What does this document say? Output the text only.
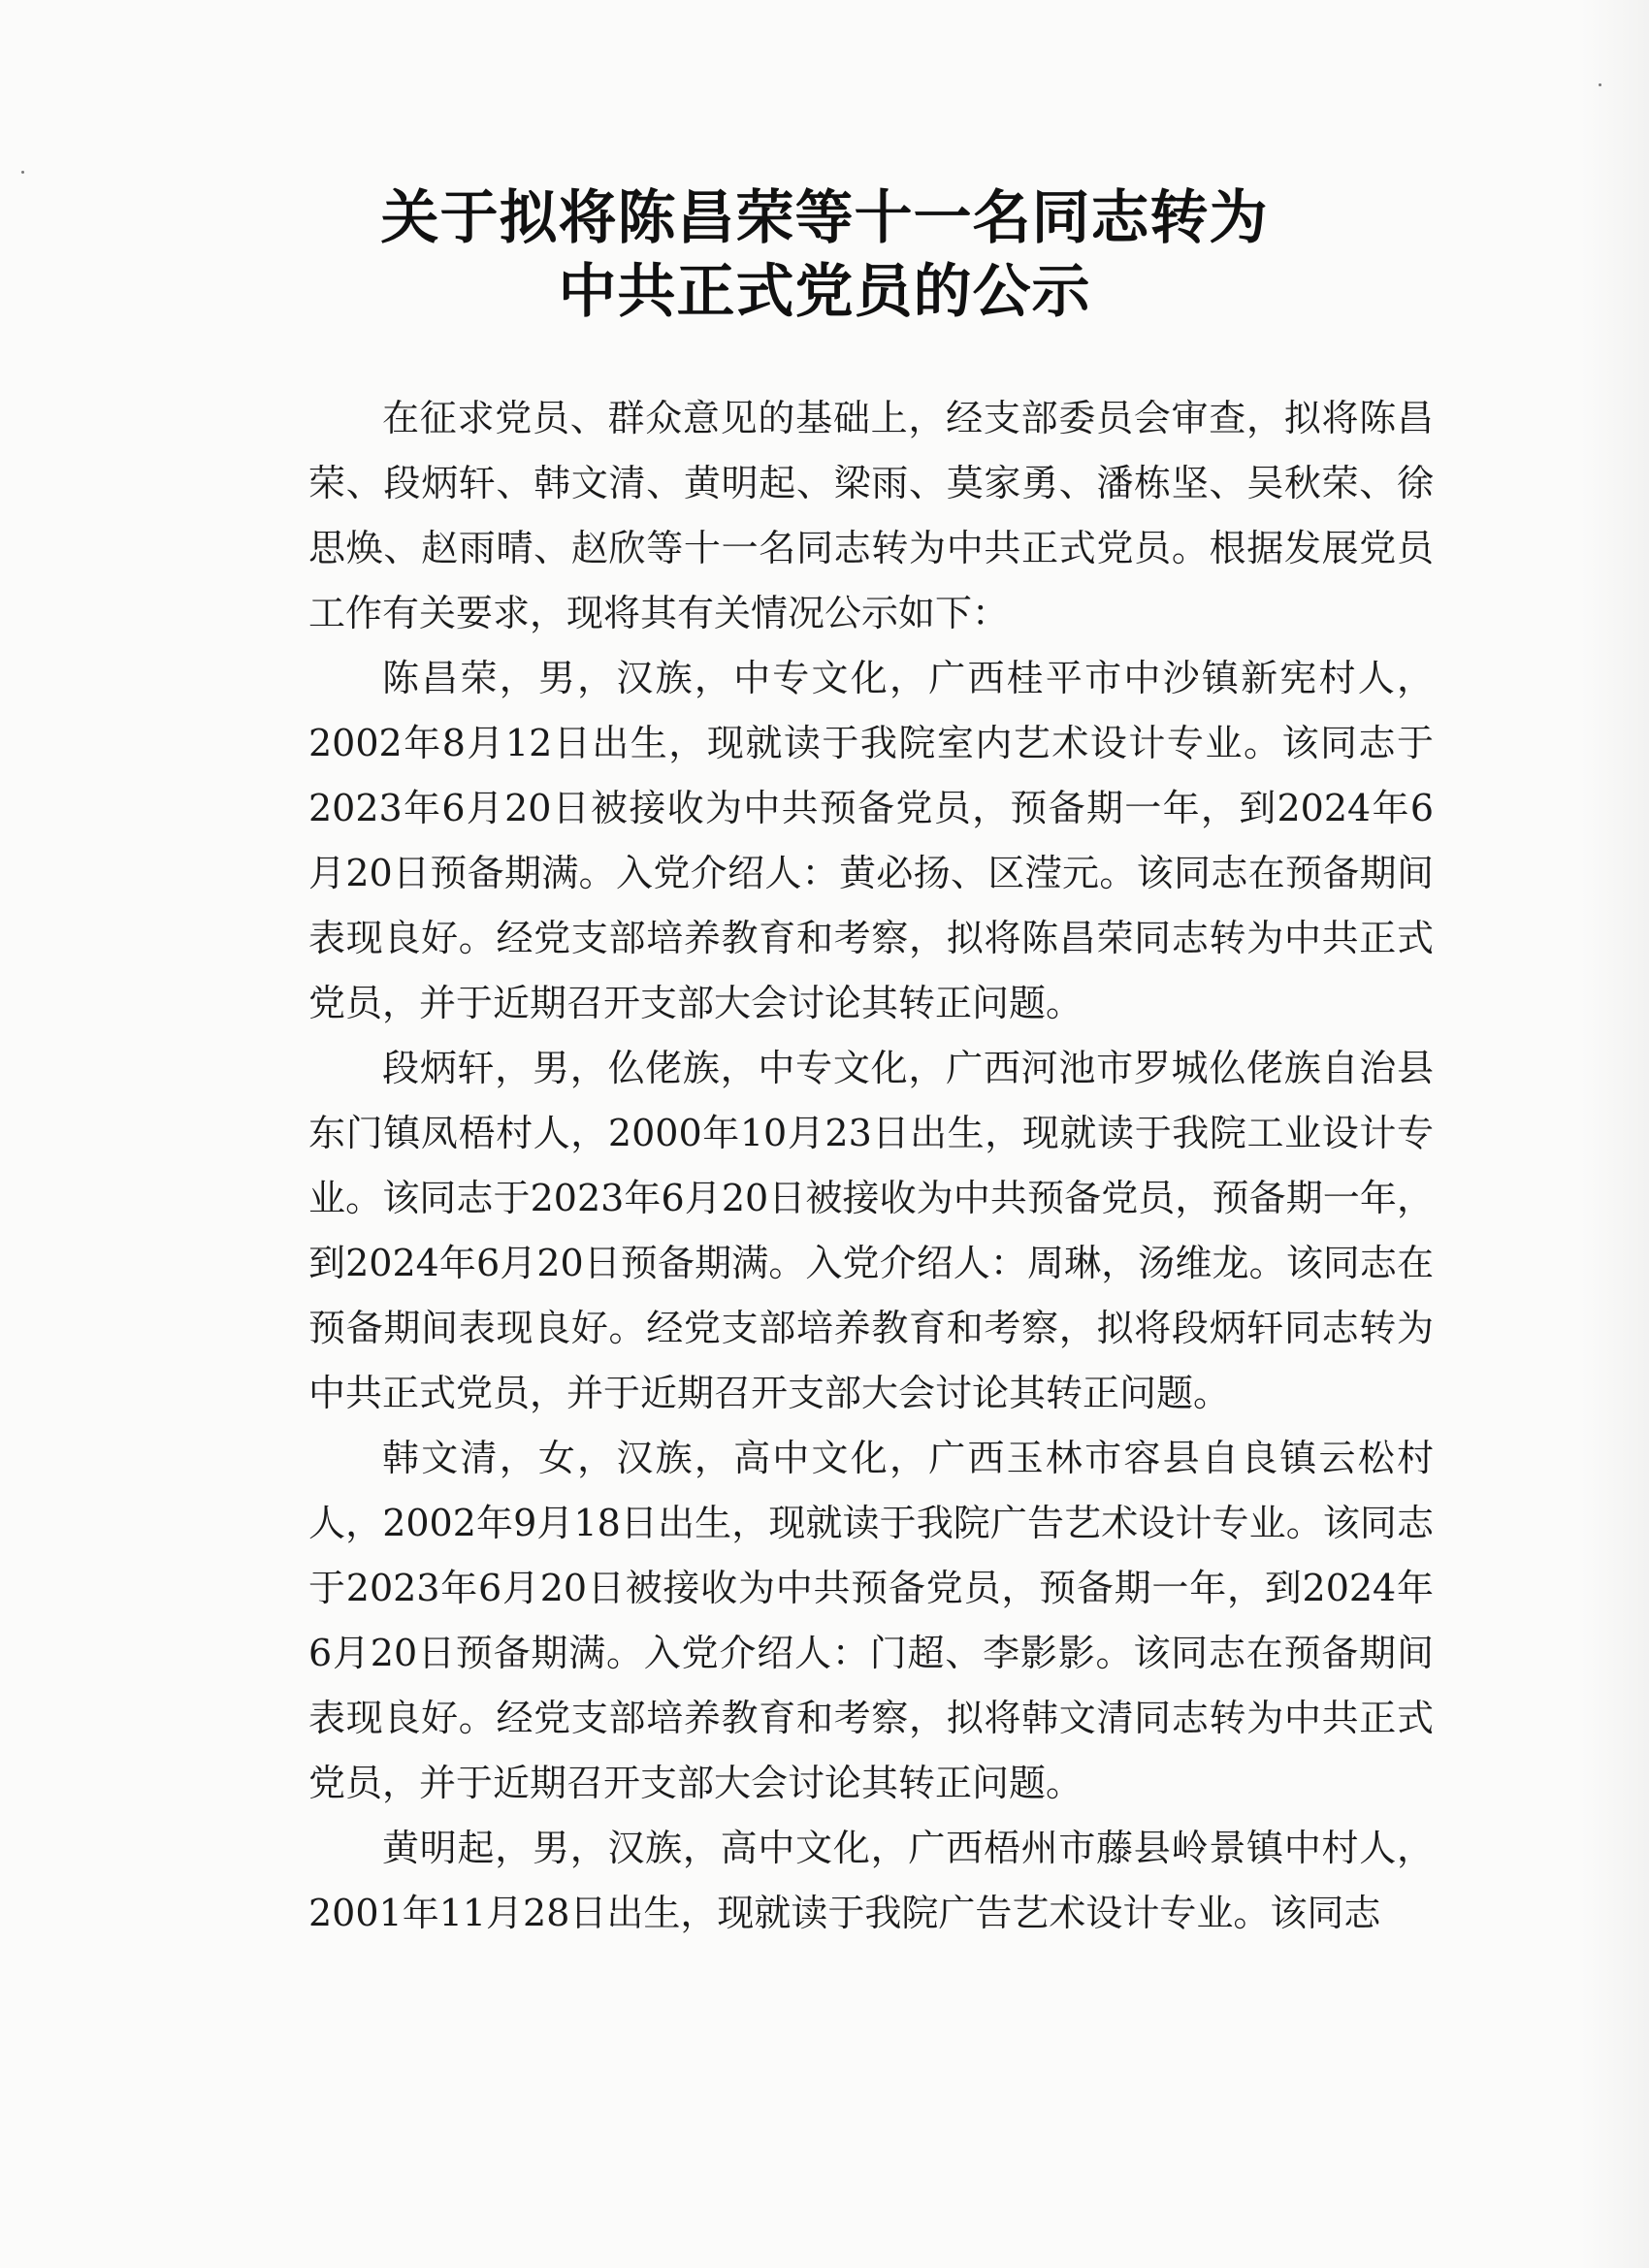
关于拟将陈昌荣等十一名同志转为
中共正式党员的公示

在征求党员、群众意见的基础上，经支部委员会审查，拟将陈昌荣、段炳轩、韩文清、黄明起、梁雨、莫家勇、潘栋坚、吴秋荣、徐思焕、赵雨晴、赵欣等十一名同志转为中共正式党员。根据发展党员工作有关要求，现将其有关情况公示如下：

陈昌荣，男，汉族，中专文化，广西桂平市中沙镇新宪村人，2002年8月12日出生，现就读于我院室内艺术设计专业。该同志于2023年6月20日被接收为中共预备党员，预备期一年，到2024年6月20日预备期满。入党介绍人：黄必扬、区滢元。该同志在预备期间表现良好。经党支部培养教育和考察，拟将陈昌荣同志转为中共正式党员，并于近期召开支部大会讨论其转正问题。

段炳轩，男，仫佬族，中专文化，广西河池市罗城仫佬族自治县东门镇凤梧村人，2000年10月23日出生，现就读于我院工业设计专业。该同志于2023年6月20日被接收为中共预备党员，预备期一年，到2024年6月20日预备期满。入党介绍人：周琳，汤维龙。该同志在预备期间表现良好。经党支部培养教育和考察，拟将段炳轩同志转为中共正式党员，并于近期召开支部大会讨论其转正问题。

韩文清，女，汉族，高中文化，广西玉林市容县自良镇云松村人，2002年9月18日出生，现就读于我院广告艺术设计专业。该同志于2023年6月20日被接收为中共预备党员，预备期一年，到2024年6月20日预备期满。入党介绍人：门超、李影影。该同志在预备期间表现良好。经党支部培养教育和考察，拟将韩文清同志转为中共正式党员，并于近期召开支部大会讨论其转正问题。

黄明起，男，汉族，高中文化，广西梧州市藤县岭景镇中村人，2001年11月28日出生，现就读于我院广告艺术设计专业。该同志
